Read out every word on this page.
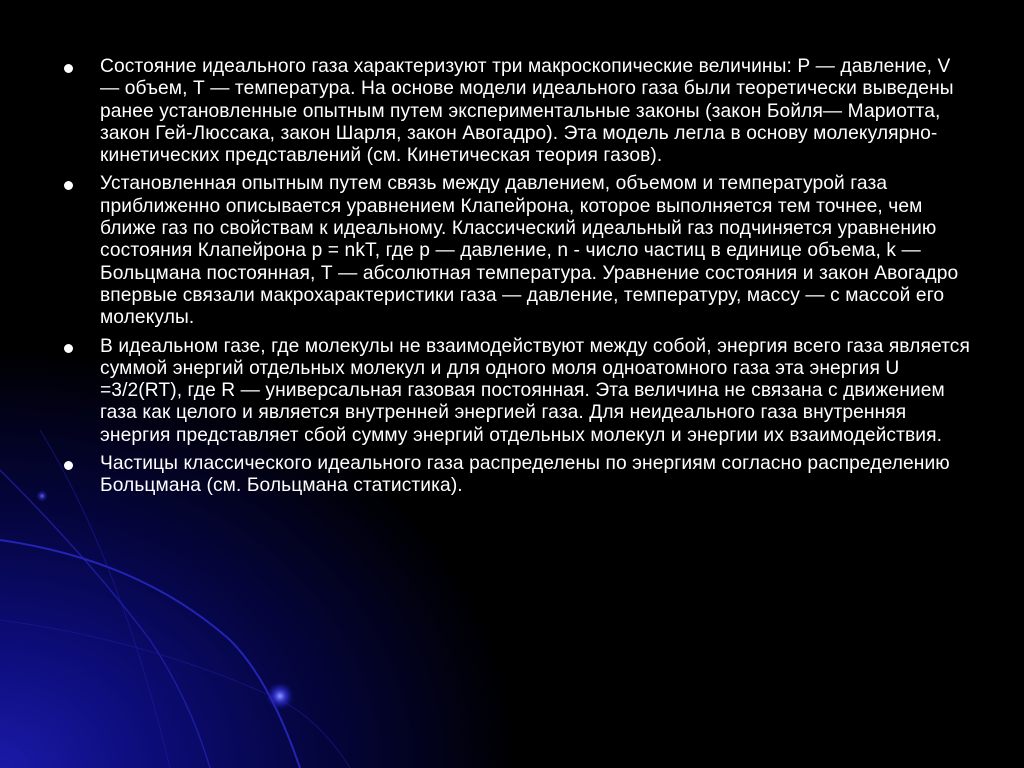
Состояние идеального газа характеризуют три макроскопические величины: Р — давление, V — объем, Т — температура. На основе модели идеального газа были теоретически выведены ранее установленные опытным путем экспериментальные законы (закон Бойля— Мариотта, закон Гей-Люссака, закон Шарля, закон Авогадро). Эта модель легла в основу молекулярно-кинетических представлений (см. Кинетическая теория газов).
Установленная опытным путем связь между давлением, объемом и температурой газа приближенно описывается уравнением Клапейрона, которое выполняется тем точнее, чем ближе газ по свойствам к идеальному. Классический идеальный газ подчиняется уравнению состояния Клапейрона p = nkT, где р — давление, n - число частиц в единице объема, k — Больцмана постоянная, Т — абсолютная температура. Уравнение состояния и закон Авогадро впервые связали макрохарактеристики газа — давление, температуру, массу — с массой его молекулы.
В идеальном газе, где молекулы не взаимодействуют между собой, энергия всего газа является суммой энергий отдельных молекул и для одного моля одноатомного газа эта энергия U =3/2(RT), где R — универсальная газовая постоянная. Эта величина не связана с движением газа как целого и является внутренней энергией газа. Для неидеального газа внутренняя энергия представляет сбой сумму энергий отдельных молекул и энергии их взаимодействия.
Частицы классического идеального газа распределены по энергиям согласно распределению Больцмана (см. Больцмана статистика).
